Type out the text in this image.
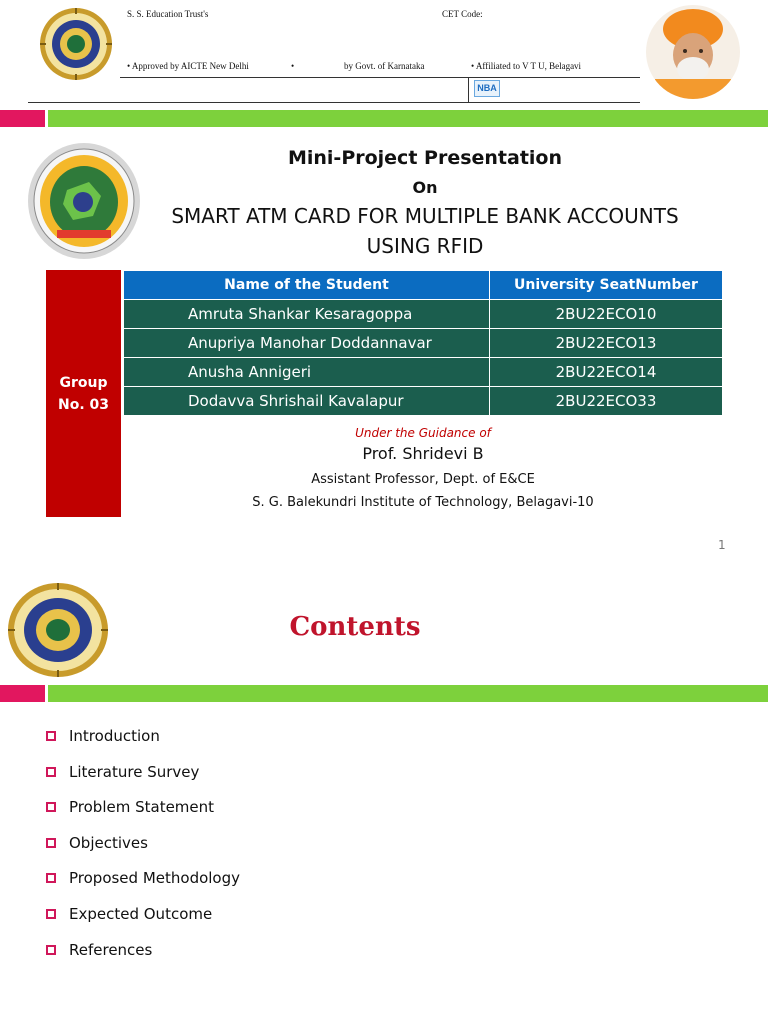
S. S. Education Trust's	CET Code:
• Approved by AICTE New Delhi	•	by Govt. of Karnataka	• Affiliated to V T U, Belagavi
NBA
Mini-Project Presentation
On
SMART ATM CARD FOR MULTIPLE BANK ACCOUNTS
USING RFID
Group
No. 03
Name of the Student	University SeatNumber
Amruta Shankar Kesaragoppa	2BU22ECO10
Anupriya Manohar Doddannavar	2BU22ECO13
Anusha Annigeri	2BU22ECO14
Dodavva Shrishail Kavalapur	2BU22ECO33
Under the Guidance of
Prof. Shridevi B
Assistant Professor, Dept. of E&CE
S. G. Balekundri Institute of Technology, Belagavi-10
1
Contents
Introduction
Literature Survey
Problem Statement
Objectives
Proposed Methodology
Expected Outcome
References
